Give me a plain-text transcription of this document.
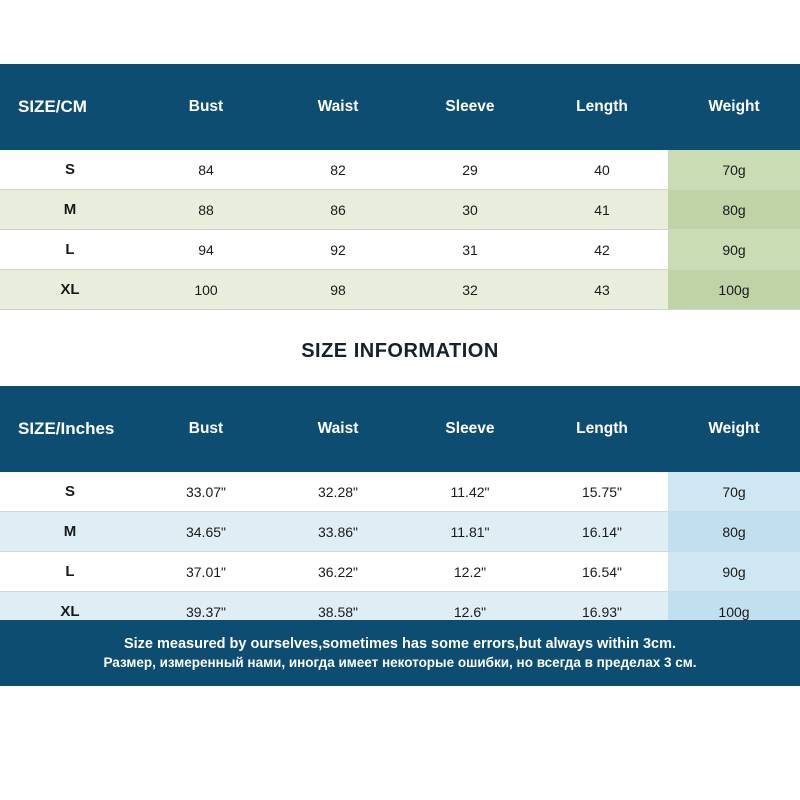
SIZE/CM	Bust	Waist	Sleeve	Length	Weight
S	84	82	29	40	70g
M	88	86	30	41	80g
L	94	92	31	42	90g
XL	100	98	32	43	100g
SIZE INFORMATION
SIZE/Inches	Bust	Waist	Sleeve	Length	Weight
S	33.07"	32.28"	11.42"	15.75"	70g
M	34.65"	33.86"	11.81"	16.14"	80g
L	37.01"	36.22"	12.2"	16.54"	90g
XL	39.37"	38.58"	12.6"	16.93"	100g
Size measured by ourselves,sometimes has some errors,but always within 3cm.
Размер, измеренный нами, иногда имеет некоторые ошибки, но всегда в пределах 3 см.
